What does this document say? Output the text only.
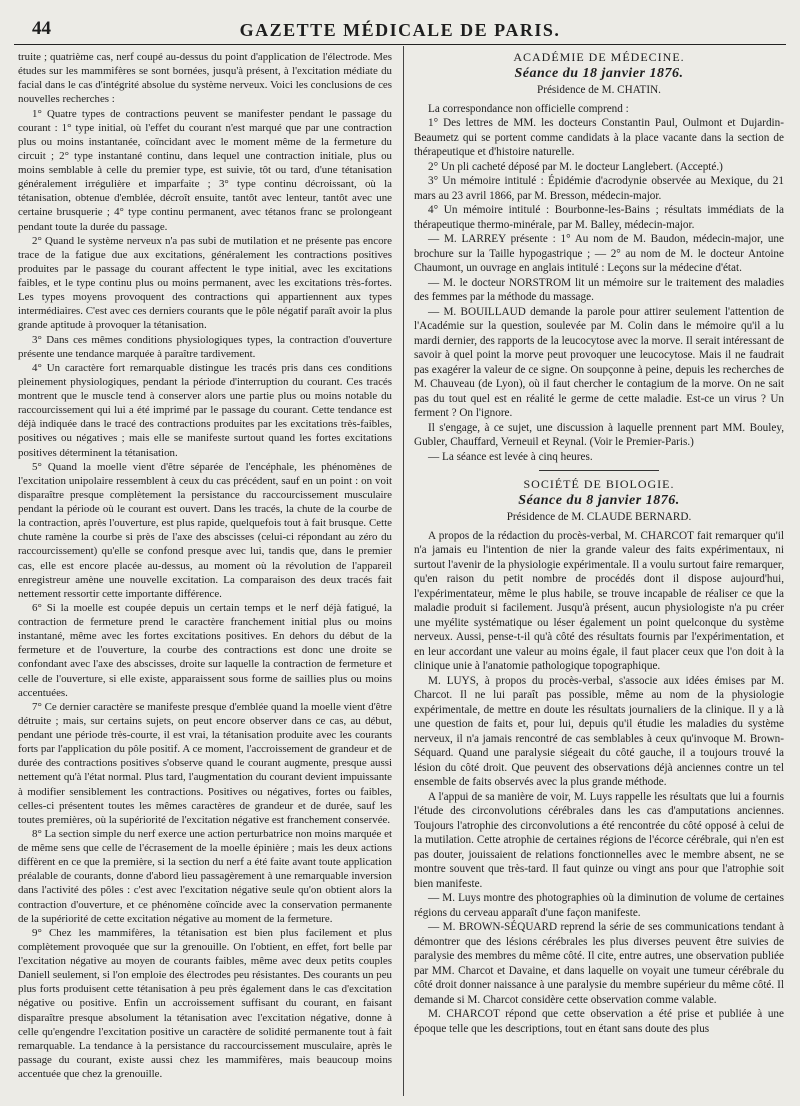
44	GAZETTE MÉDICALE DE PARIS.

truite ; quatrième cas, nerf coupé au-dessus du point d'application de l'électrode. Mes études sur les mammifères se sont bornées, jusqu'à présent, à l'excitation médiate du facial dans le cas d'intégrité absolue du système nerveux. Voici les conclusions de ces nouvelles recherches :

1° Quatre types de contractions peuvent se manifester pendant le passage du courant : 1° type initial, où l'effet du courant n'est marqué que par une contraction plus ou moins instantanée, coïncidant avec le moment même de la fermeture du circuit ; 2° type instantané continu, dans lequel une contraction initiale, plus ou moins semblable à celle du premier type, est suivie, tôt ou tard, d'une tétanisation généralement irrégulière et imparfaite ; 3° type continu décroissant, où la tétanisation, obtenue d'emblée, décroît ensuite, tantôt avec lenteur, tantôt avec une certaine brusquerie ; 4° type continu permanent, avec tétanos franc se prolongeant pendant toute la durée du passage.

2° Quand le système nerveux n'a pas subi de mutilation et ne présente pas encore trace de la fatigue due aux excitations, généralement les contractions positives produites par le passage du courant affectent le type initial, avec les excitations faibles, et le type continu plus ou moins permanent, avec les excitations très-fortes. Les types moyens provoquent des contractions qui appartiennent aux types intermédiaires. C'est avec ces derniers courants que le pôle négatif paraît avoir la plus grande aptitude à provoquer la tétanisation.

3° Dans ces mêmes conditions physiologiques types, la contraction d'ouverture présente une tendance marquée à paraître tardivement.

4° Un caractère fort remarquable distingue les tracés pris dans ces conditions pleinement physiologiques, pendant la période d'interruption du courant. Ces tracés montrent que le muscle tend à conserver alors une partie plus ou moins notable du raccourcissement qui lui a été imprimé par le passage du courant. Cette tendance est déjà indiquée dans le tracé des contractions produites par les excitations très-faibles, positives ou négatives ; mais elle se manifeste surtout quand les fortes excitations positives déterminent la tétanisation.

5° Quand la moelle vient d'être séparée de l'encéphale, les phénomènes de l'excitation unipolaire ressemblent à ceux du cas précédent, sauf en un point : on voit disparaître presque complètement la persistance du raccourcissement musculaire pendant la période où le courant est ouvert. Dans les tracés, la chute de la courbe de la contraction, après l'ouverture, est plus rapide, quelquefois tout à fait brusque. Cette chute ramène la courbe si près de l'axe des abscisses (celui-ci répondant au zéro du raccourcissement) qu'elle se confond presque avec lui, tandis que, dans le premier cas, elle est encore placée au-dessus, au moment où la révolution de l'appareil enregistreur amène une nouvelle excitation. La comparaison des deux tracés fait nettement ressortir cette importante différence.

6° Si la moelle est coupée depuis un certain temps et le nerf déjà fatigué, la contraction de fermeture prend le caractère franchement initial plus ou moins instantané, même avec les fortes excitations positives. En dehors du début de la fermeture et de l'ouverture, la courbe des contractions est donc une droite se confondant avec l'axe des abscisses, droite sur laquelle la contraction de fermeture et celle de l'ouverture, si elle existe, apparaissent sous forme de saillies plus ou moins accentuées.

7° Ce dernier caractère se manifeste presque d'emblée quand la moelle vient d'être détruite ; mais, sur certains sujets, on peut encore observer dans ce cas, au début, pendant une période très-courte, il est vrai, la tétanisation produite avec les courants forts par l'application du pôle positif. A ce moment, l'accroissement de grandeur et de durée des contractions positives s'observe quand le courant augmente, presque aussi nettement qu'à l'état normal. Plus tard, l'augmentation du courant devient impuissante à modifier sensiblement les contractions. Positives ou négatives, fortes ou faibles, celles-ci présentent toutes les mêmes caractères de grandeur et de durée, sauf les toutes premières, où la supériorité de l'excitation négative est franchement conservée.

8° La section simple du nerf exerce une action perturbatrice non moins marquée et de même sens que celle de l'écrasement de la moelle épinière ; mais les deux actions diffèrent en ce que la première, si la section du nerf a été faite avant toute application préalable de courants, donne d'abord lieu passagèrement à une remarquable inversion dans l'activité des pôles : c'est avec l'excitation négative seule qu'on obtient alors la contraction d'ouverture, et ce phénomène coïncide avec la conservation permanente de la supériorité de cette excitation négative au moment de la fermeture.

9° Chez les mammifères, la tétanisation est bien plus facilement et plus complètement provoquée que sur la grenouille. On l'obtient, en effet, fort belle par l'excitation négative au moyen de courants faibles, même avec deux petits couples Daniell seulement, si l'on emploie des électrodes peu résistantes. Des courants un peu plus forts produisent cette tétanisation à peu près également dans le cas d'excitation négative ou positive. Enfin un accroissement suffisant du courant, en faisant disparaître presque absolument la tétanisation avec l'excitation négative, donne à celle qu'engendre l'excitation positive un caractère de solidité permanente tout à fait remarquable. La tendance à la persistance du raccourcissement musculaire, après le passage du courant, existe aussi chez les mammifères, mais beaucoup moins accentuée que chez la grenouille.

ACADÉMIE DE MÉDECINE.
Séance du 18 janvier 1876.
Présidence de M. CHATIN.

La correspondance non officielle comprend :

1° Des lettres de MM. les docteurs Constantin Paul, Oulmont et Dujardin-Beaumetz qui se portent comme candidats à la place vacante dans la section de thérapeutique et d'histoire naturelle.

2° Un pli cacheté déposé par M. le docteur Langlebert. (Accepté.)

3° Un mémoire intitulé : Épidémie d'acrodynie observée au Mexique, du 21 mars au 23 avril 1866, par M. Bresson, médecin-major.

4° Un mémoire intitulé : Bourbonne-les-Bains ; résultats immédiats de la thérapeutique thermo-minérale, par M. Balley, médecin-major.

— M. LARREY présente : 1° Au nom de M. Baudon, médecin-major, une brochure sur la Taille hypogastrique ; — 2° au nom de M. le docteur Antoine Chaumont, un ouvrage en anglais intitulé : Leçons sur la médecine d'état.

— M. le docteur NORSTROM lit un mémoire sur le traitement des maladies des femmes par la méthode du massage.

— M. BOUILLAUD demande la parole pour attirer seulement l'attention de l'Académie sur la question, soulevée par M. Colin dans le mémoire qu'il a lu mardi dernier, des rapports de la leucocytose avec la morve. Il serait intéressant de savoir à quel point la morve peut provoquer une leucocytose. Mais il ne faudrait pas exagérer la valeur de ce signe. On soupçonne à peine, depuis les recherches de M. Chauveau (de Lyon), où il faut chercher le contagium de la morve. On ne sait pas du tout quel est en réalité le germe de cette maladie. Est-ce un virus ? Un ferment ? On l'ignore.

Il s'engage, à ce sujet, une discussion à laquelle prennent part MM. Bouley, Gubler, Chauffard, Verneuil et Reynal. (Voir le Premier-Paris.)

— La séance est levée à cinq heures.

SOCIÉTÉ DE BIOLOGIE.
Séance du 8 janvier 1876.
Présidence de M. CLAUDE BERNARD.

A propos de la rédaction du procès-verbal, M. CHARCOT fait remarquer qu'il n'a jamais eu l'intention de nier la grande valeur des faits expérimentaux, ni surtout l'avenir de la physiologie expérimentale. Il a voulu surtout faire remarquer, qu'en raison du petit nombre de procédés dont il dispose aujourd'hui, l'expérimentateur, même le plus habile, se trouve incapable de réaliser ce que la maladie produit si facilement. Jusqu'à présent, aucun physiologiste n'a pu créer une myélite systématique ou léser également un point quelconque du système nerveux. Aussi, pense-t-il qu'à côté des résultats fournis par l'expérimentation, et en leur accordant une valeur au moins égale, il faut placer ceux que l'on doit à la clinique unie à l'anatomie pathologique topographique.

M. LUYS, à propos du procès-verbal, s'associe aux idées émises par M. Charcot. Il ne lui paraît pas possible, même au nom de la physiologie expérimentale, de mettre en doute les résultats journaliers de la clinique. Il y a là une question de faits et, pour lui, depuis qu'il étudie les maladies du système nerveux, il n'a jamais rencontré de cas semblables à ceux qu'invoque M. Brown-Séquard. Quand une paralysie siégeait du côté gauche, il a toujours trouvé la lésion du côté droit. Que peuvent des observations déjà anciennes contre un tel ensemble de faits observés avec la plus grande méthode.

A l'appui de sa manière de voir, M. Luys rappelle les résultats que lui a fournis l'étude des circonvolutions cérébrales dans les cas d'amputations anciennes. Toujours l'atrophie des circonvolutions a été rencontrée du côté opposé à celui de la mutilation. Cette atrophie de certaines régions de l'écorce cérébrale, qui n'en est pas douter, jouissaient de relations fonctionnelles avec le membre absent, ne se montre souvent que très-tard. Il faut quinze ou vingt ans pour que l'atrophie soit bien manifeste.

— M. Luys montre des photographies où la diminution de volume de certaines régions du cerveau apparaît d'une façon manifeste.

— M. BROWN-SÉQUARD reprend la série de ses communications tendant à démontrer que des lésions cérébrales les plus diverses peuvent être suivies de paralysie des membres du même côté. Il cite, entre autres, une observation publiée par MM. Charcot et Davaine, et dans laquelle on voyait une tumeur cérébrale du côté droit donner naissance à une paralysie du membre supérieur du même côté. Il demande si M. Charcot considère cette observation comme valable.

M. CHARCOT répond que cette observation a été prise et publiée à une époque telle que les descriptions, tout en étant sans doute des plus
